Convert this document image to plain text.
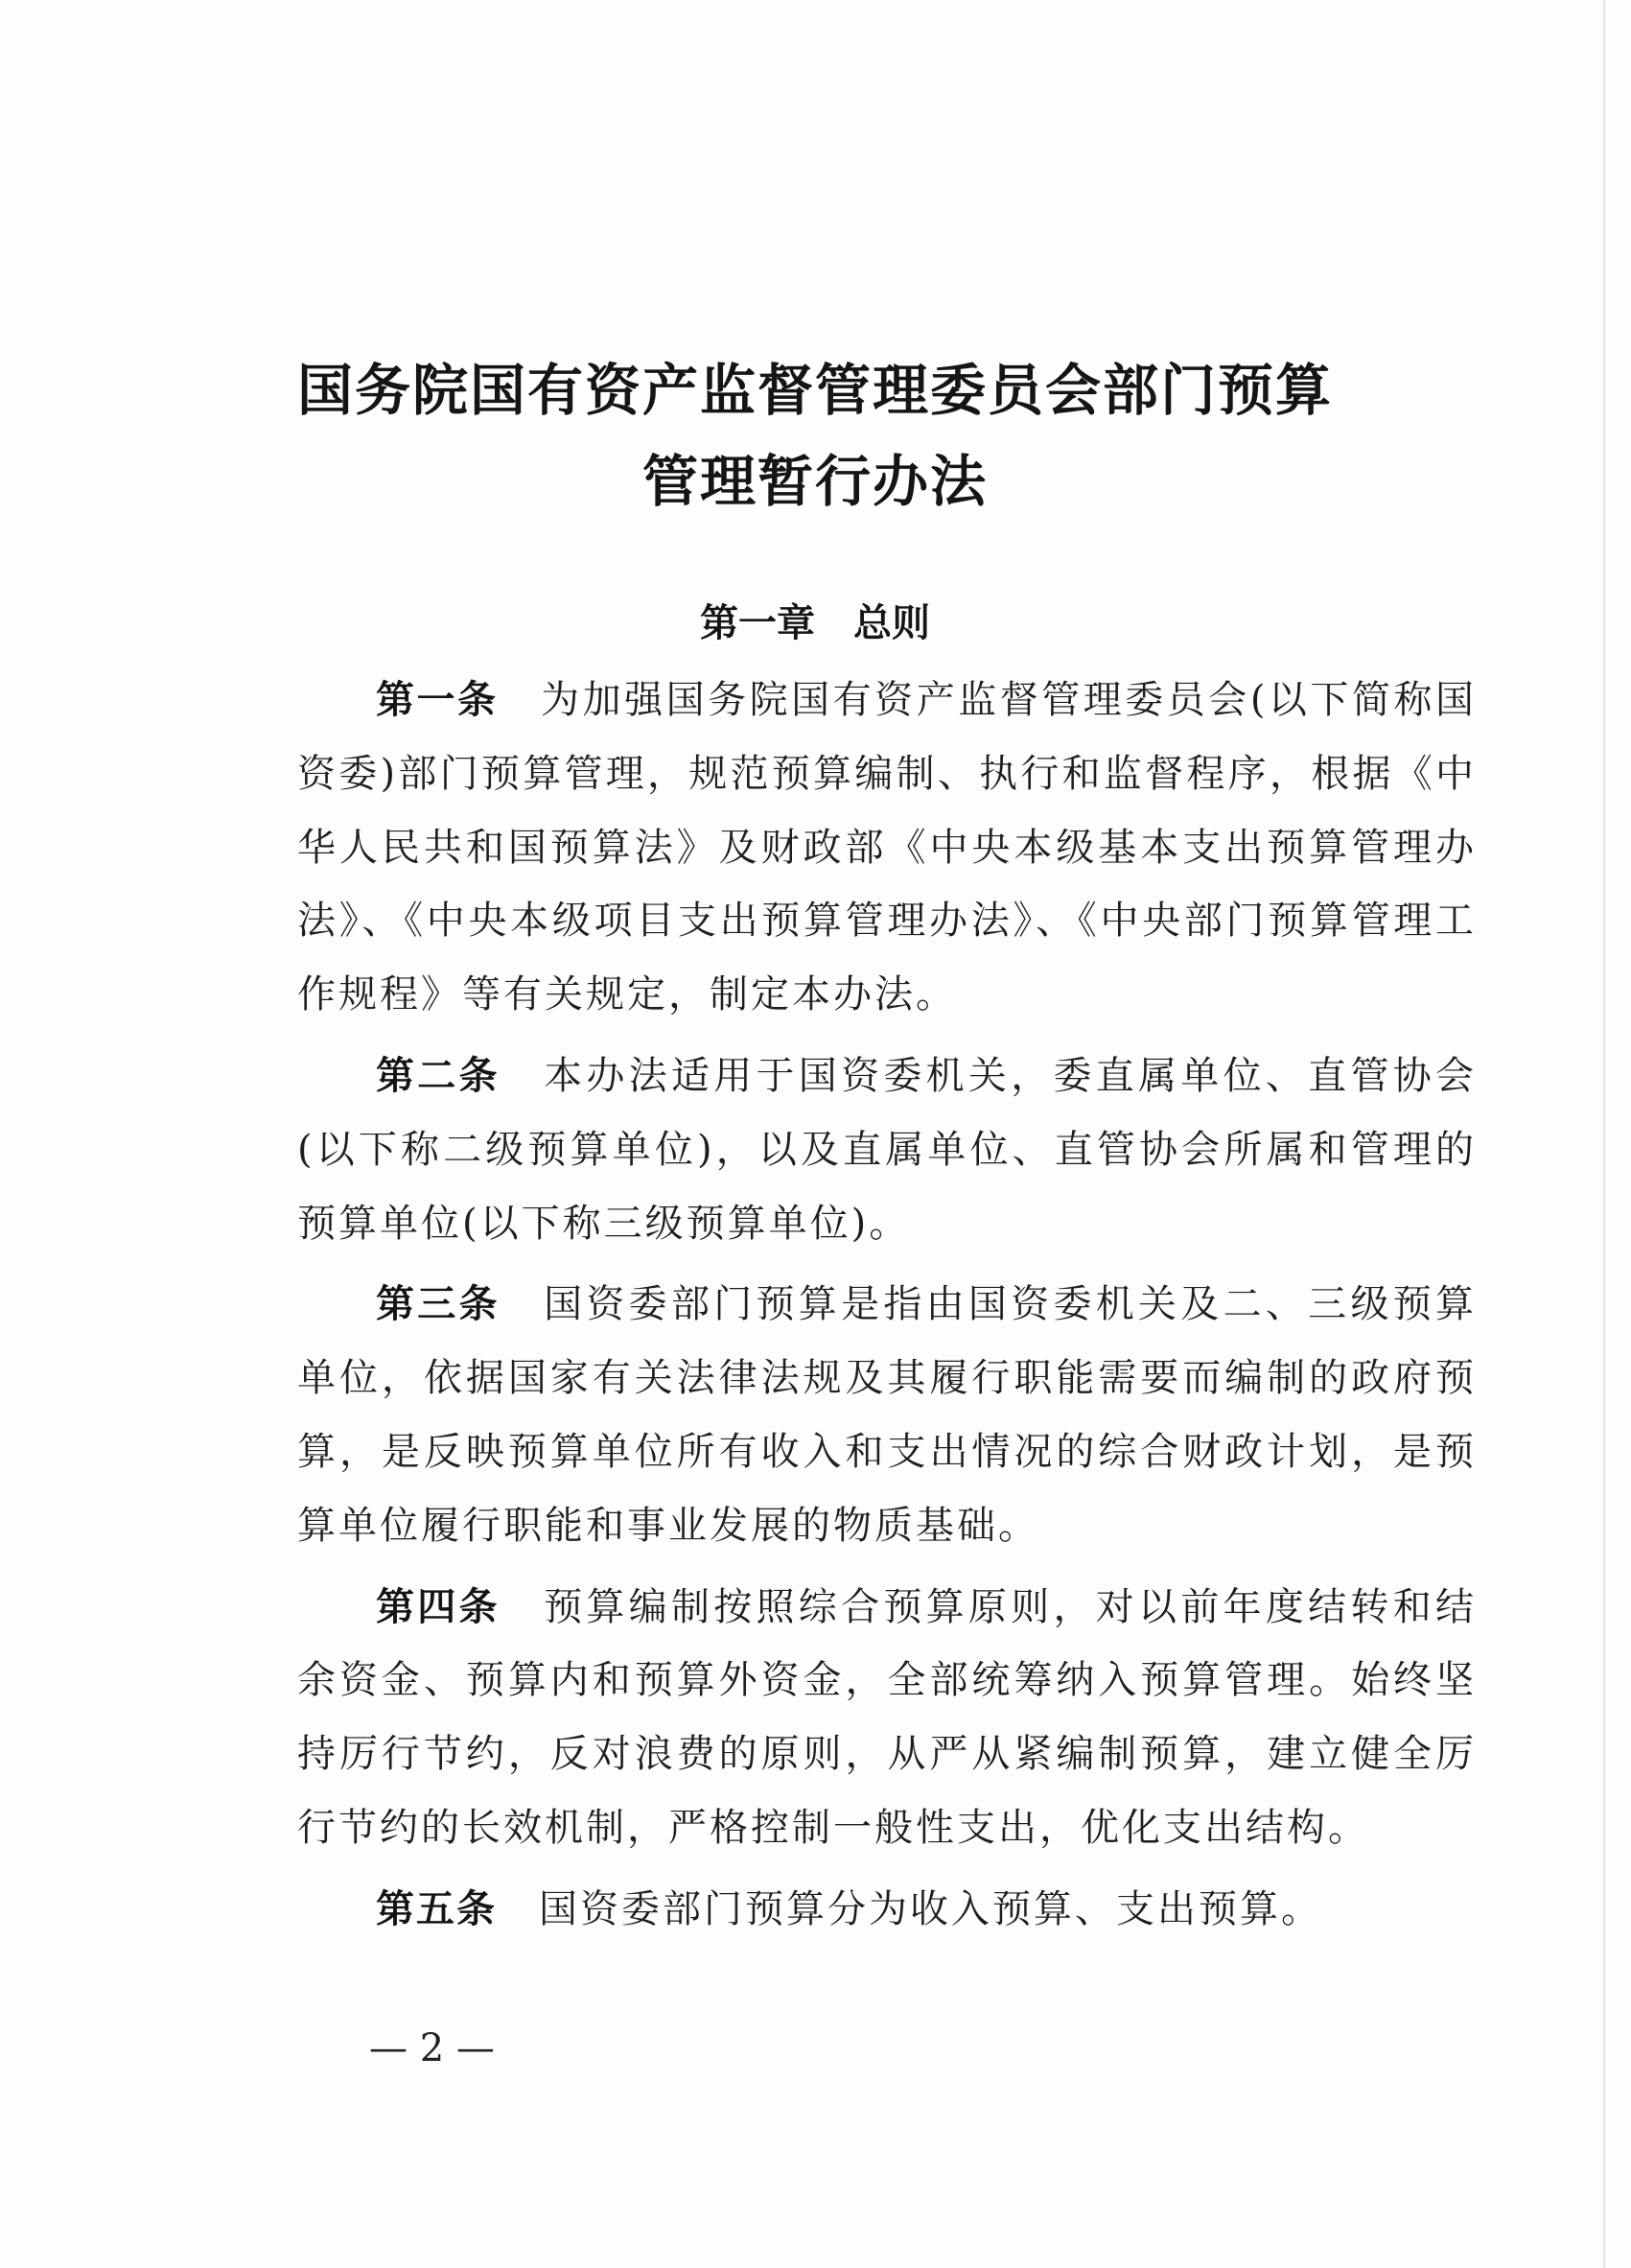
国务院国有资产监督管理委员会部门预算
管理暂行办法
第一章　总则

第一条 为加强国务院国有资产监督管理委员会(以下简称国资委)部门预算管理，规范预算编制、执行和监督程序，根据《中华人民共和国预算法》及财政部《中央本级基本支出预算管理办法》、《中央本级项目支出预算管理办法》、《中央部门预算管理工作规程》等有关规定，制定本办法。

第二条 本办法适用于国资委机关，委直属单位、直管协会(以下称二级预算单位)，以及直属单位、直管协会所属和管理的预算单位(以下称三级预算单位)。

第三条 国资委部门预算是指由国资委机关及二、三级预算单位，依据国家有关法律法规及其履行职能需要而编制的政府预算，是反映预算单位所有收入和支出情况的综合财政计划，是预算单位履行职能和事业发展的物质基础。

第四条 预算编制按照综合预算原则，对以前年度结转和结余资金、预算内和预算外资金，全部统筹纳入预算管理。始终坚持厉行节约，反对浪费的原则，从严从紧编制预算，建立健全厉行节约的长效机制，严格控制一般性支出，优化支出结构。

第五条 国资委部门预算分为收入预算、支出预算。

— 2 —
